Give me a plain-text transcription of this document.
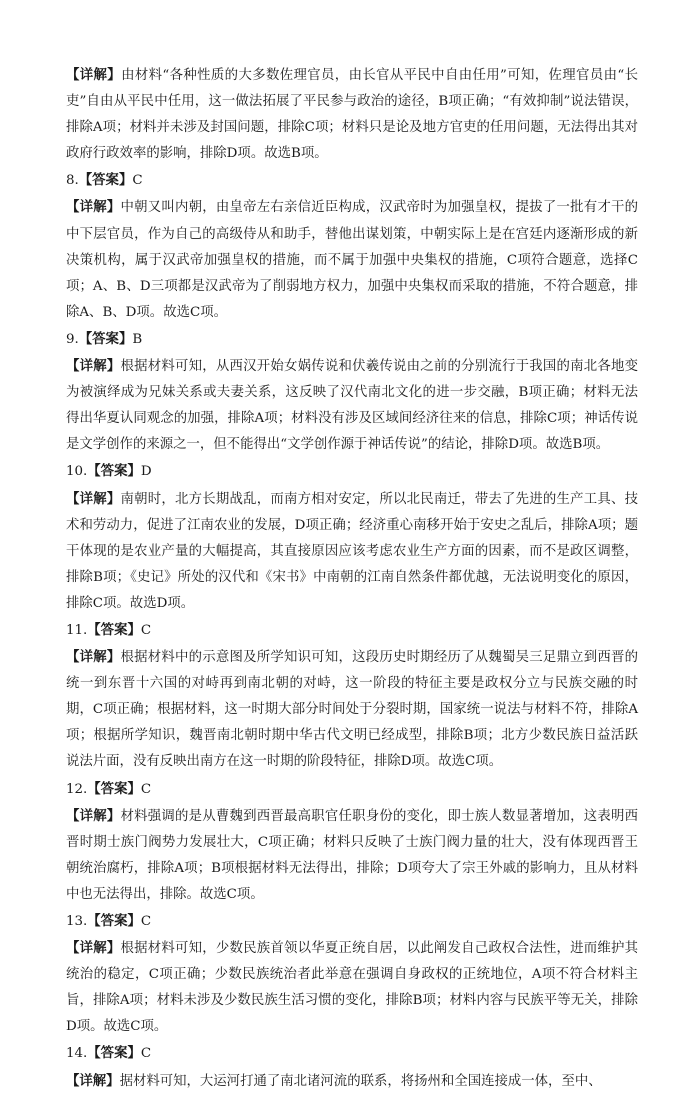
【详解】由材料“各种性质的大多数佐理官员，由长官从平民中自由任用”可知，佐理官员由“长吏”自由从平民中任用，这一做法拓展了平民参与政治的途径，B项正确；“有效抑制”说法错误，排除A项；材料并未涉及封国问题，排除C项；材料只是论及地方官吏的任用问题，无法得出其对政府行政效率的影响，排除D项。故选B项。

8.【答案】C

【详解】中朝又叫内朝，由皇帝左右亲信近臣构成，汉武帝时为加强皇权，提拔了一批有才干的中下层官员，作为自己的高级侍从和助手，替他出谋划策，中朝实际上是在宫廷内逐渐形成的新决策机构，属于汉武帝加强皇权的措施，而不属于加强中央集权的措施，C项符合题意，选择C项；A、B、D三项都是汉武帝为了削弱地方权力，加强中央集权而采取的措施，不符合题意，排除A、B、D项。故选C项。

9.【答案】B

【详解】根据材料可知，从西汉开始女娲传说和伏羲传说由之前的分别流行于我国的南北各地变为被演绎成为兄妹关系或夫妻关系，这反映了汉代南北文化的进一步交融，B项正确；材料无法得出华夏认同观念的加强，排除A项；材料没有涉及区域间经济往来的信息，排除C项；神话传说是文学创作的来源之一，但不能得出“文学创作源于神话传说”的结论，排除D项。故选B项。

10.【答案】D

【详解】南朝时，北方长期战乱，而南方相对安定，所以北民南迁，带去了先进的生产工具、技术和劳动力，促进了江南农业的发展，D项正确；经济重心南移开始于安史之乱后，排除A项；题干体现的是农业产量的大幅提高，其直接原因应该考虑农业生产方面的因素，而不是政区调整，排除B项；《史记》所处的汉代和《宋书》中南朝的江南自然条件都优越，无法说明变化的原因，排除C项。故选D项。

11.【答案】C

【详解】根据材料中的示意图及所学知识可知，这段历史时期经历了从魏蜀吴三足鼎立到西晋的统一到东晋十六国的对峙再到南北朝的对峙，这一阶段的特征主要是政权分立与民族交融的时期，C项正确；根据材料，这一时期大部分时间处于分裂时期，国家统一说法与材料不符，排除A项；根据所学知识，魏晋南北朝时期中华古代文明已经成型，排除B项；北方少数民族日益活跃说法片面，没有反映出南方在这一时期的阶段特征，排除D项。故选C项。

12.【答案】C

【详解】材料强调的是从曹魏到西晋最高职官任职身份的变化，即士族人数显著增加，这表明西晋时期士族门阀势力发展壮大，C项正确；材料只反映了士族门阀力量的壮大，没有体现西晋王朝统治腐朽，排除A项；B项根据材料无法得出，排除；D项夸大了宗王外戚的影响力，且从材料中也无法得出，排除。故选C项。

13.【答案】C

【详解】根据材料可知，少数民族首领以华夏正统自居，以此阐发自己政权合法性，进而维护其统治的稳定，C项正确；少数民族统治者此举意在强调自身政权的正统地位，A项不符合材料主旨，排除A项；材料未涉及少数民族生活习惯的变化，排除B项；材料内容与民族平等无关，排除D项。故选C项。

14.【答案】C

【详解】据材料可知，大运河打通了南北诸河流的联系，将扬州和全国连接成一体，至中、
